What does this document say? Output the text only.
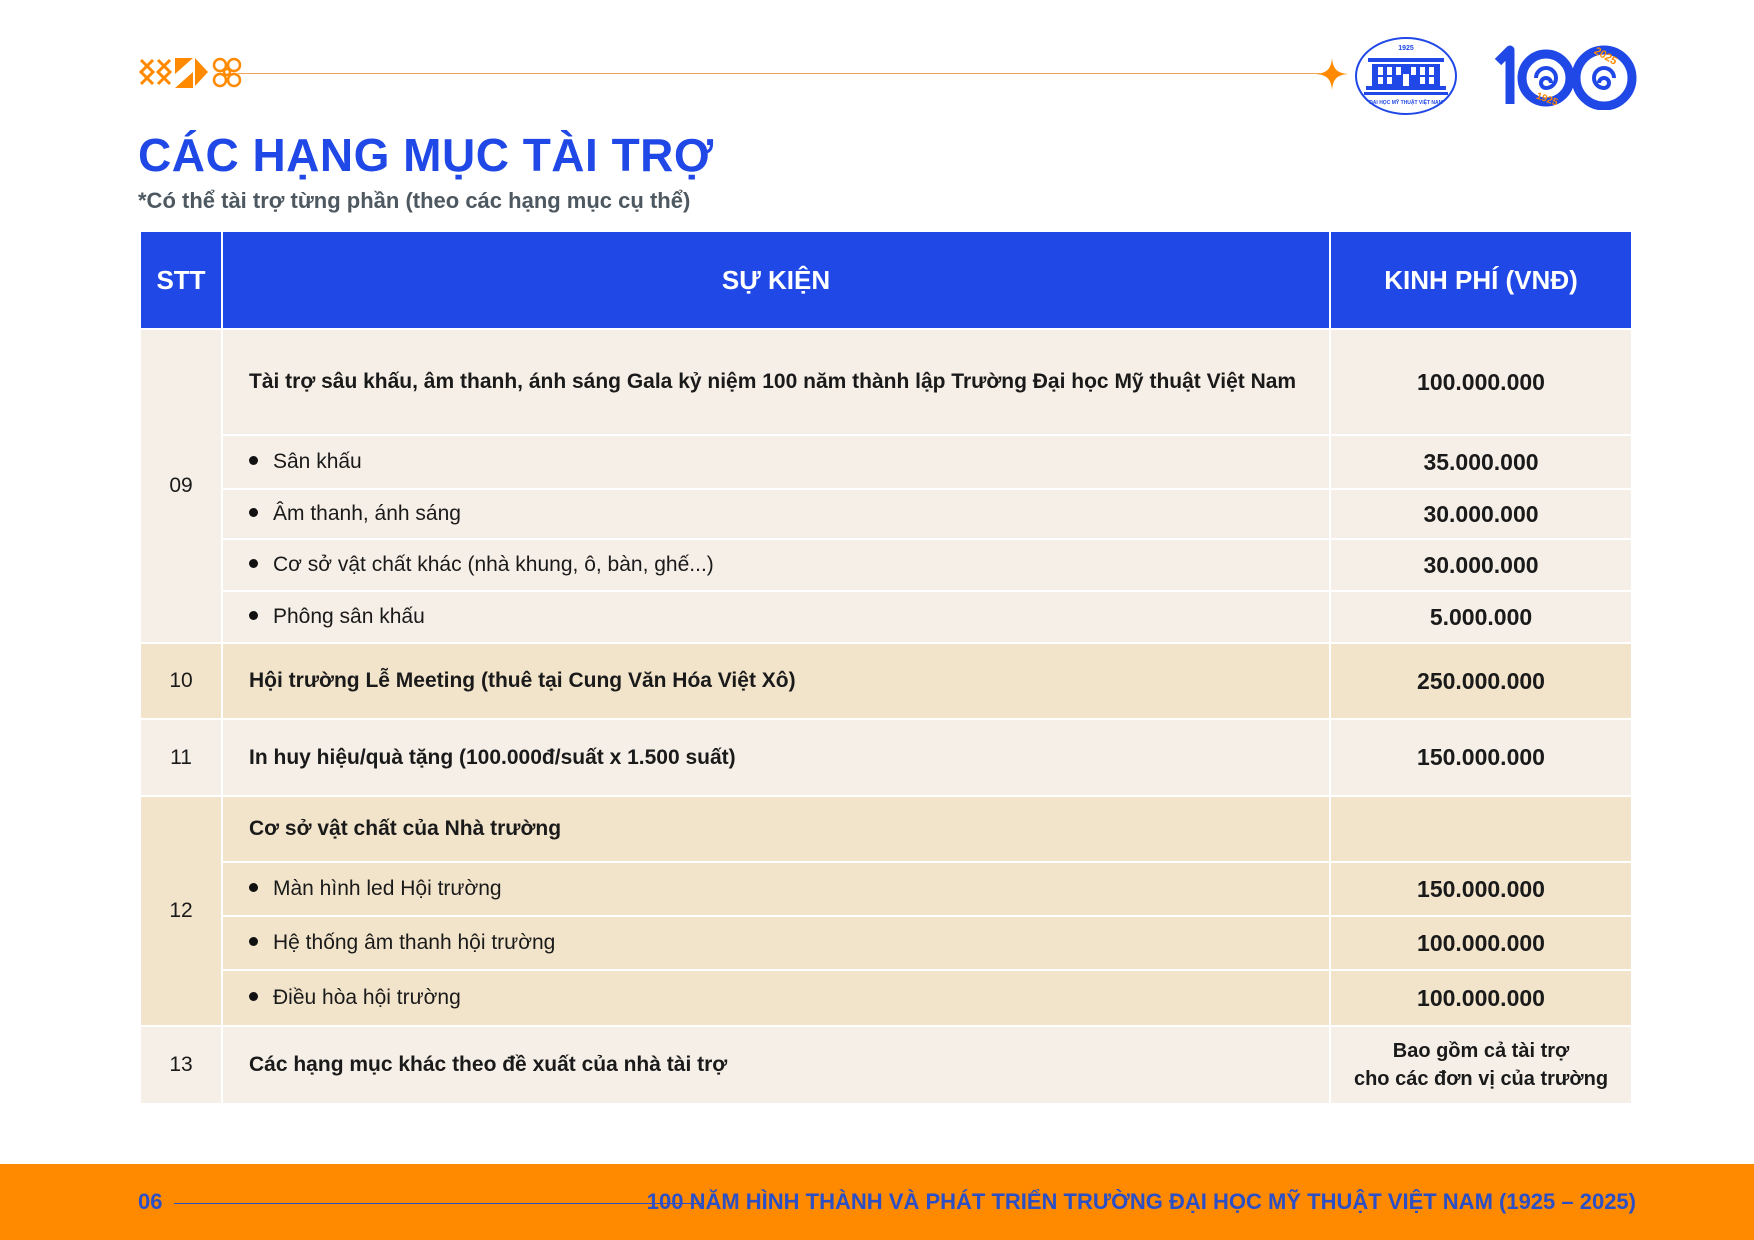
1925
ĐẠI HỌC MỸ THUẬT VIỆT NAM
2025
1925
CÁC HẠNG MỤC TÀI TRỢ
*Có thể tài trợ từng phần (theo các hạng mục cụ thể)
STT	SỰ KIỆN	KINH PHÍ (VNĐ)
09	Tài trợ sâu khấu, âm thanh, ánh sáng Gala kỷ niệm 100 năm thành lập Trường Đại học Mỹ thuật Việt Nam	100.000.000
	Sân khấu	35.000.000
	Âm thanh, ánh sáng	30.000.000
	Cơ sở vật chất khác (nhà khung, ô, bàn, ghế...)	30.000.000
	Phông sân khấu	5.000.000
10	Hội trường Lễ Meeting (thuê tại Cung Văn Hóa Việt Xô)	250.000.000
11	In huy hiệu/quà tặng (100.000đ/suất x 1.500 suất)	150.000.000
12	Cơ sở vật chất của Nhà trường	
	Màn hình led Hội trường	150.000.000
	Hệ thống âm thanh hội trường	100.000.000
	Điều hòa hội trường	100.000.000
13	Các hạng mục khác theo đề xuất của nhà tài trợ	Bao gồm cả tài trợ
cho các đơn vị của trường
06	100 NĂM HÌNH THÀNH VÀ PHÁT TRIỂN TRƯỜNG ĐẠI HỌC MỸ THUẬT VIỆT NAM (1925 – 2025)
